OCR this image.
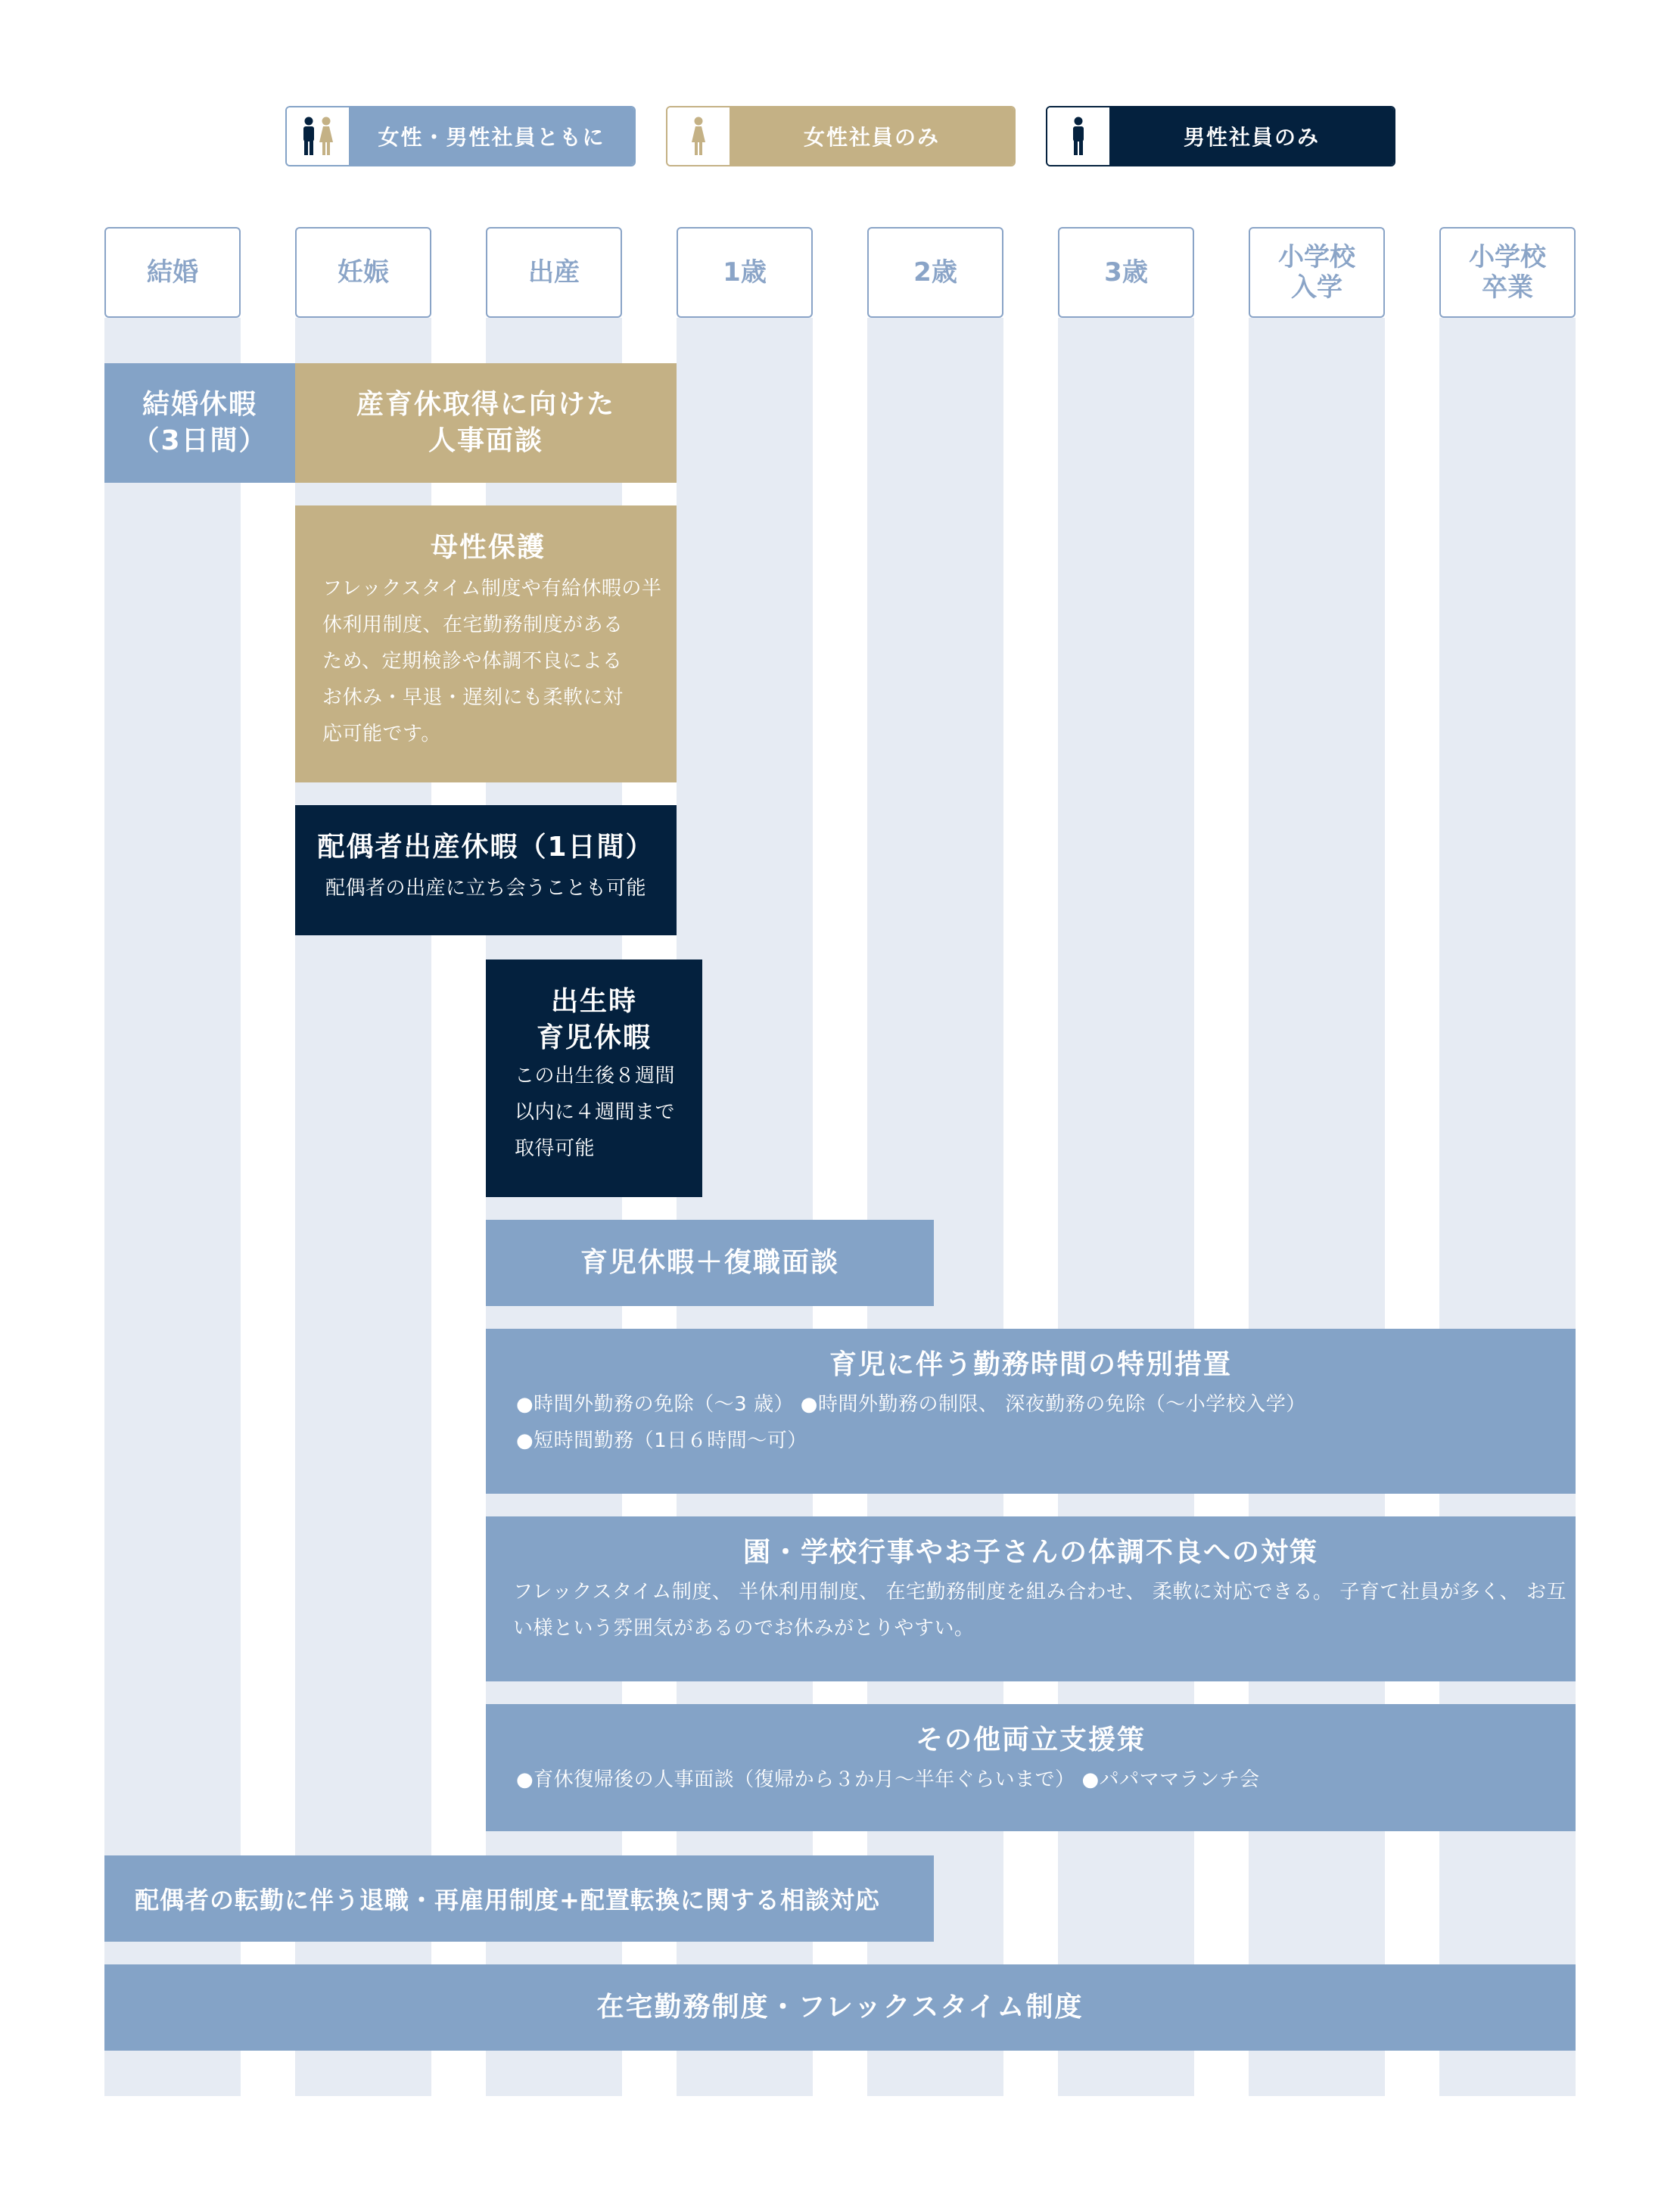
女性・男性社員ともに	女性社員のみ	男性社員のみ
結婚	妊娠	出産	1歳	2歳	3歳	小学校
入学
小学校
卒業
結婚休暇
（3日間）
産育休取得に向けた
人事面談
母性保護
フレックスタイム制度や有給休暇の半
休利用制度、在宅勤務制度がある
ため、定期検診や体調不良による
お休み・早退・遅刻にも柔軟に対
応可能です。
配偶者出産休暇（1日間）
配偶者の出産に立ち会うことも可能
出生時
育児休暇
この出生後８週間
以内に４週間まで
取得可能
育児休暇＋復職面談
育児に伴う勤務時間の特別措置
●時間外勤務の免除（～3 歳） ●時間外勤務の制限、 深夜勤務の免除（～小学校入学）
●短時間勤務（1日６時間～可）
園・学校行事やお子さんの体調不良への対策
フレックスタイム制度、 半休利用制度、 在宅勤務制度を組み合わせ、 柔軟に対応できる。 子育て社員が多く、 お互
い様という雰囲気があるのでお休みがとりやすい。
その他両立支援策
●育休復帰後の人事面談（復帰から３か月～半年ぐらいまで） ●パパママランチ会
配偶者の転勤に伴う退職・再雇用制度+配置転換に関する相談対応
在宅勤務制度・フレックスタイム制度
